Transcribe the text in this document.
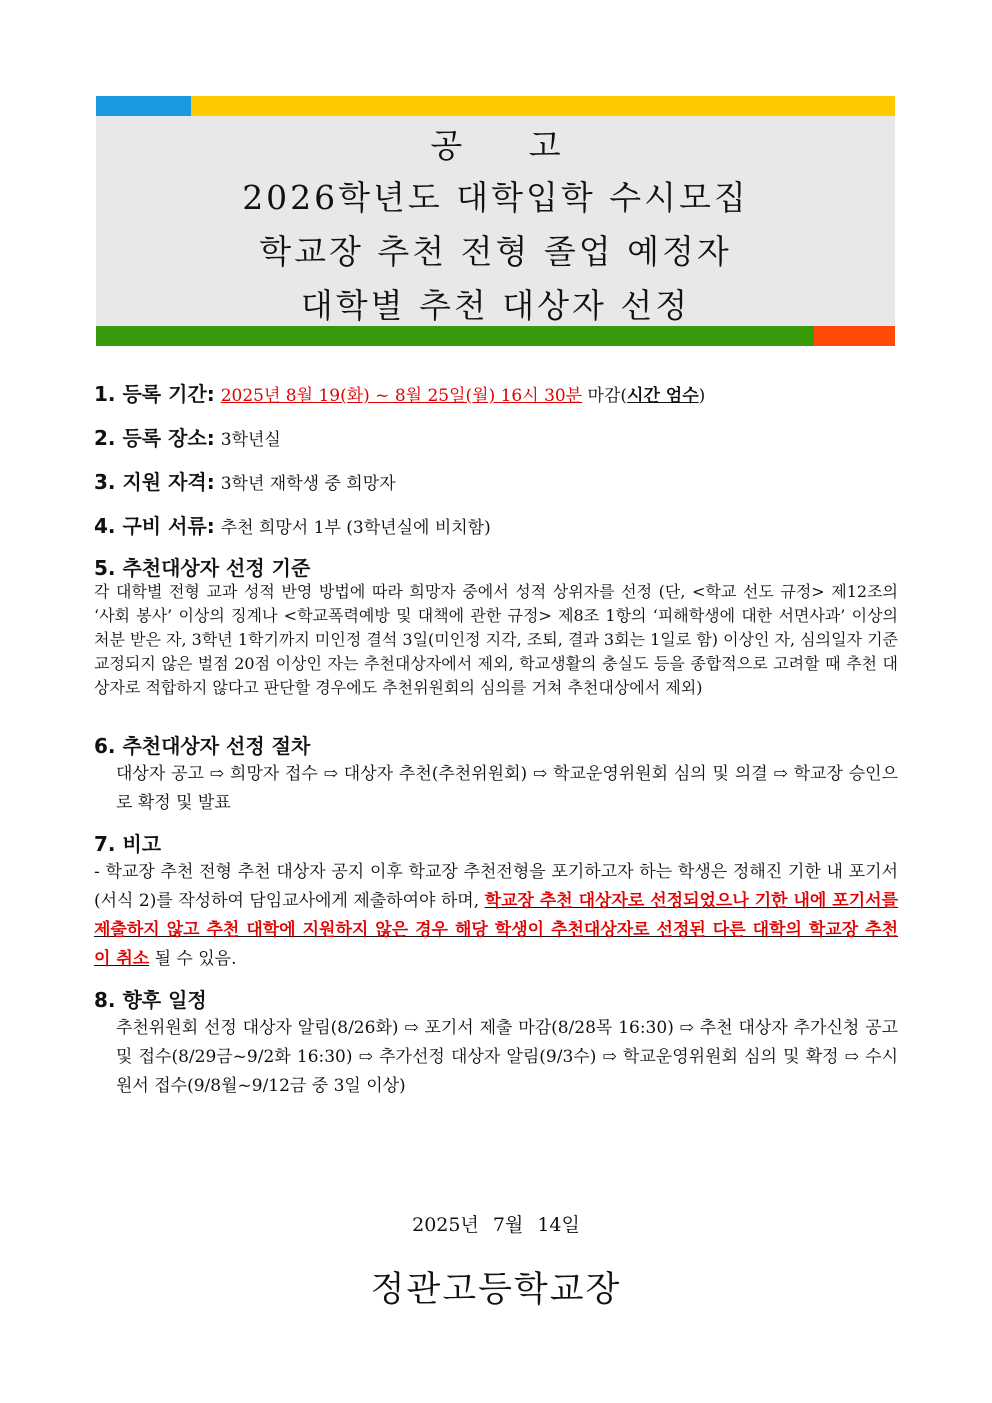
공 고
2026학년도 대학입학 수시모집
학교장 추천 전형 졸업 예정자
대학별 추천 대상자 선정
1. 등록 기간: 2025년 8월 19(화) ~ 8월 25일(월) 16시 30분 마감(시간 엄수)
2. 등록 장소: 3학년실
3. 지원 자격: 3학년 재학생 중 희망자
4. 구비 서류: 추천 희망서 1부 (3학년실에 비치함)
5. 추천대상자 선정 기준
각 대학별 전형 교과 성적 반영 방법에 따라 희망자 중에서 성적 상위자를 선정 (단, <학교 선도 규정> 제12조의 ‘사회 봉사’ 이상의 징계나 <학교폭력예방 및 대책에 관한 규정> 제8조 1항의 ‘피해학생에 대한 서면사과’ 이상의 처분 받은 자, 3학년 1학기까지 미인정 결석 3일(미인정 지각, 조퇴, 결과 3회는 1일로 함) 이상인 자, 심의일자 기준 교정되지 않은 벌점 20점 이상인 자는 추천대상자에서 제외, 학교생활의 충실도 등을 종합적으로 고려할 때 추천 대상자로 적합하지 않다고 판단할 경우에도 추천위원회의 심의를 거쳐 추천대상에서 제외)
6. 추천대상자 선정 절차
대상자 공고 ⇨ 희망자 접수 ⇨ 대상자 추천(추천위원회) ⇨ 학교운영위원회 심의 및 의결 ⇨ 학교장 승인으로 확정 및 발표
7. 비고
- 학교장 추천 전형 추천 대상자 공지 이후 학교장 추천전형을 포기하고자 하는 학생은 정해진 기한 내 포기서(서식 2)를 작성하여 담임교사에게 제출하여야 하며, 학교장 추천 대상자로 선정되었으나 기한 내에 포기서를 제출하지 않고 추천 대학에 지원하지 않은 경우 해당 학생이 추천대상자로 선정된 다른 대학의 학교장 추천이 취소 될 수 있음.
8. 향후 일정
추천위원회 선정 대상자 알림(8/26화) ⇨ 포기서 제출 마감(8/28목 16:30) ⇨ 추천 대상자 추가신청 공고 및 접수(8/29금~9/2화 16:30) ⇨ 추가선정 대상자 알림(9/3수) ⇨ 학교운영위원회 심의 및 확정 ⇨ 수시원서 접수(9/8월~9/12금 중 3일 이상)
2025년 7월 14일
정관고등학교장
